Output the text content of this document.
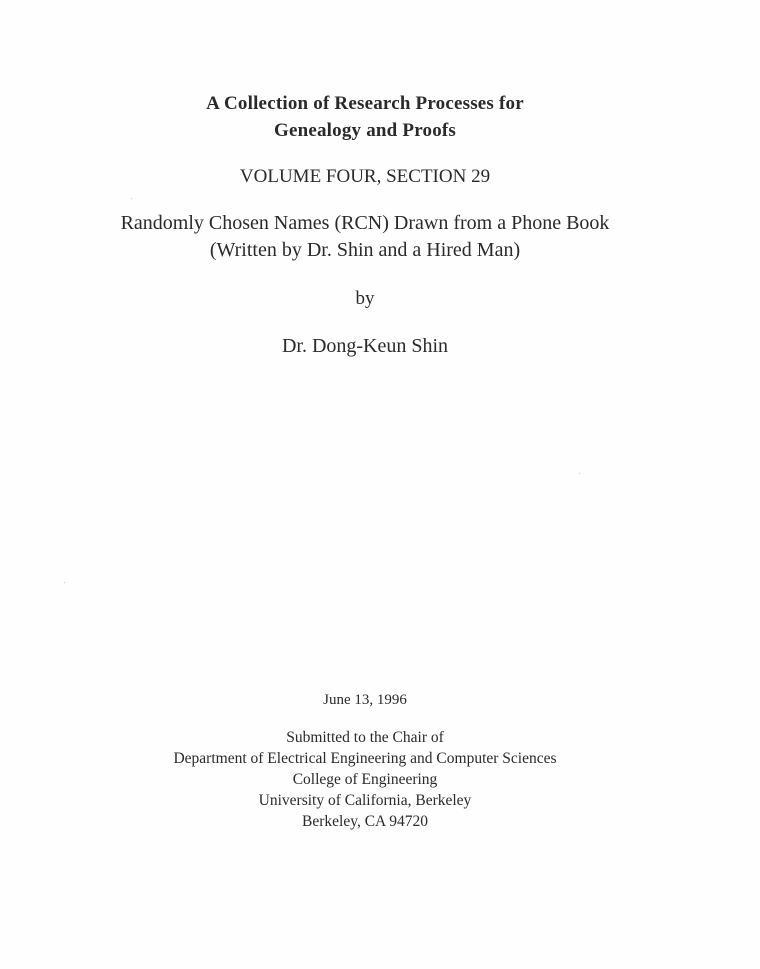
A Collection of Research Processes for
Genealogy and Proofs
VOLUME FOUR, SECTION 29
Randomly Chosen Names (RCN) Drawn from a Phone Book
(Written by Dr. Shin and a Hired Man)
by
Dr. Dong-Keun Shin
June 13, 1996
Submitted to the Chair of
Department of Electrical Engineering and Computer Sciences
College of Engineering
University of California, Berkeley
Berkeley, CA 94720
